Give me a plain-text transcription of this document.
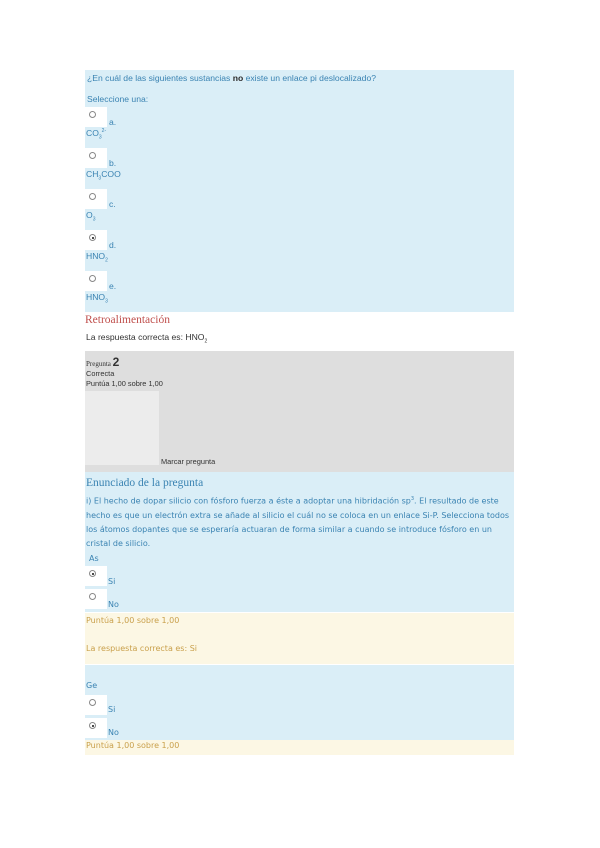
¿En cuál de las siguientes sustancias no existe un enlace pi deslocalizado?
Seleccione una:
a.
$CO_3^{2-}$
b.
$CH_3COO$
c.
$O_3$
d.
$HNO_2$
e.
$HNO_3$
Retroalimentación
La respuesta correcta es: $HNO_2$
Pregunta 2
Correcta
Puntúa 1,00 sobre 1,00
Marcar pregunta
Enunciado de la pregunta
i) El hecho de dopar silicio con fósforo fuerza a éste a adoptar una hibridación $sp^3$. El resultado de este hecho es que un electrón extra se añade al silicio el cuál no se coloca en un enlace Si-P. Selecciona todos los átomos dopantes que se esperaría actuaran de forma similar a cuando se introduce fósforo en un cristal de silicio.
As
Si
No
Puntúa 1,00 sobre 1,00
La respuesta correcta es: Si
Ge
Si
No
Puntúa 1,00 sobre 1,00
